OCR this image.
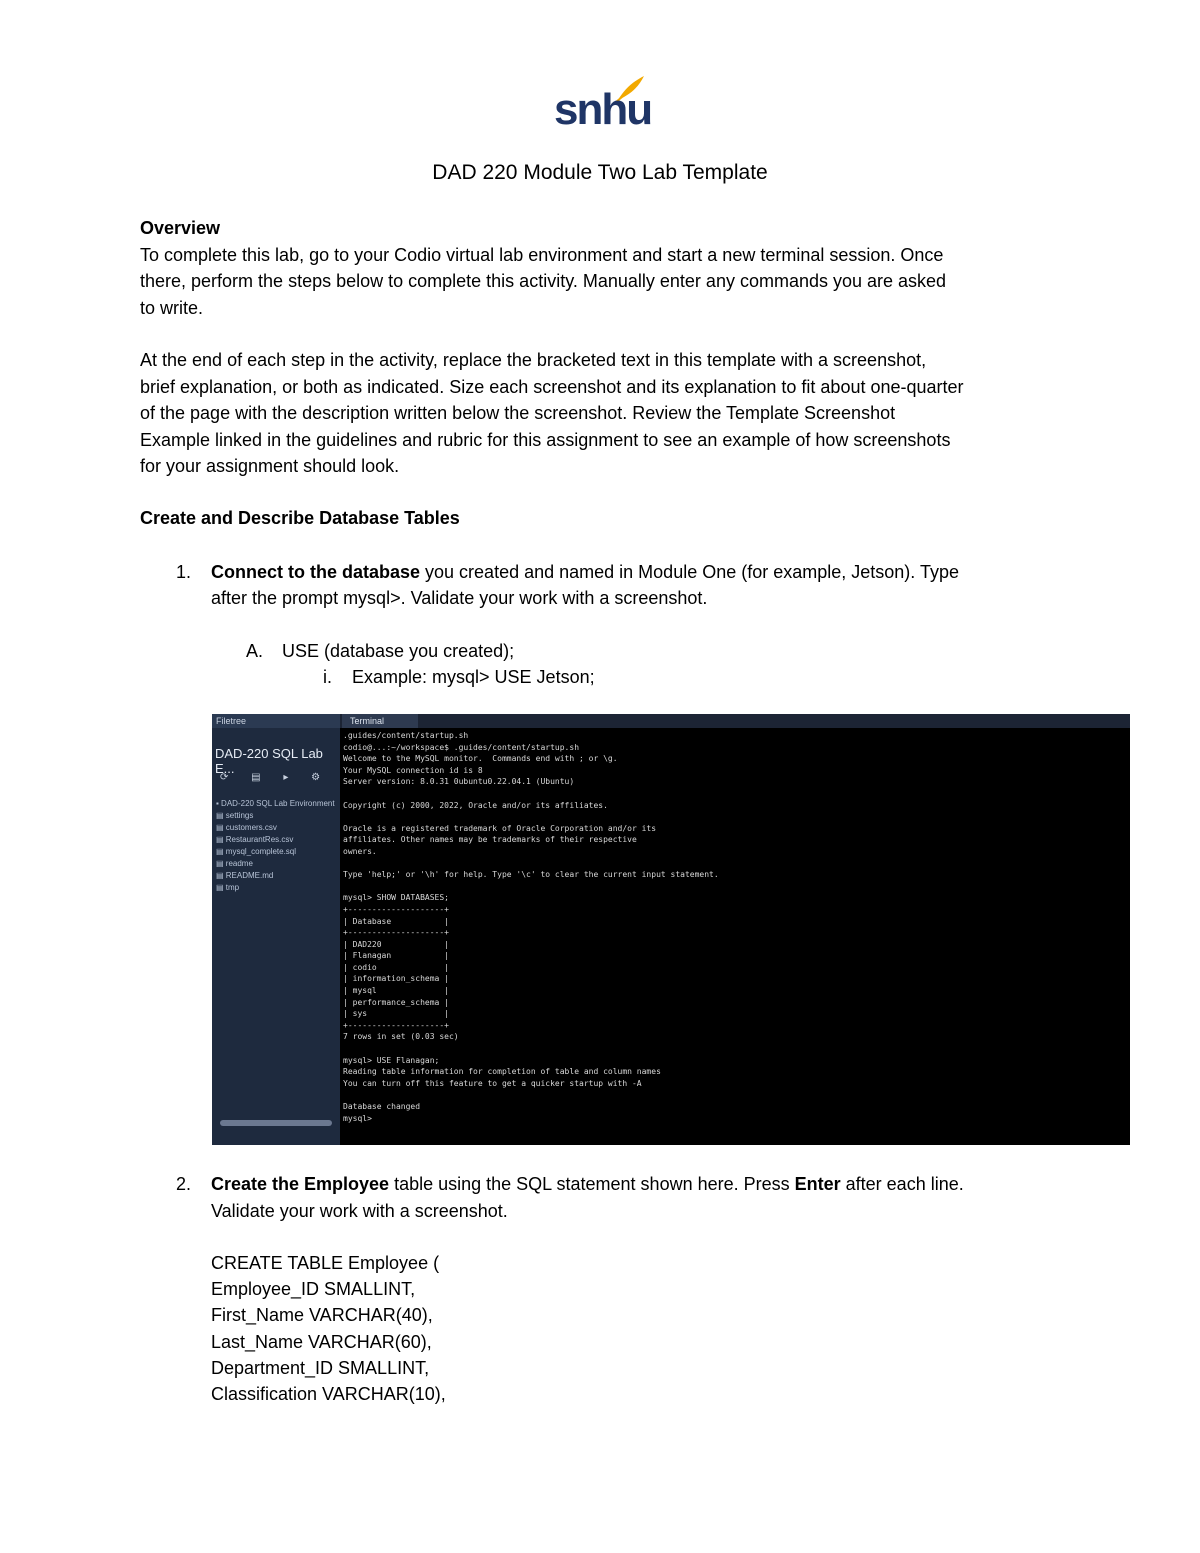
snhu
DAD 220 Module Two Lab Template
Overview
To complete this lab, go to your Codio virtual lab environment and start a new terminal session. Once
there, perform the steps below to complete this activity. Manually enter any commands you are asked
to write.
At the end of each step in the activity, replace the bracketed text in this template with a screenshot,
brief explanation, or both as indicated. Size each screenshot and its explanation to fit about one-quarter
of the page with the description written below the screenshot. Review the Template Screenshot
Example linked in the guidelines and rubric for this assignment to see an example of how screenshots
for your assignment should look.
Create and Describe Database Tables
1. Connect to the database you created and named in Module One (for example, Jetson). Type
after the prompt mysql>. Validate your work with a screenshot.
A. USE (database you created);
i. Example: mysql> USE Jetson;
Filetree
DAD-220 SQL Lab E...
⟳ ▤ ▸ ⚙
▪ DAD-220 SQL Lab Environment
▤ settings
▤ customers.csv
▤ RestaurantRes.csv
▤ mysql_complete.sql
▤ readme
▤ README.md
▤ tmp
Terminal
.guides/content/startup.sh
codio@...:~/workspace$ .guides/content/startup.sh
Welcome to the MySQL monitor.  Commands end with ; or \g.
Your MySQL connection id is 8
Server version: 8.0.31 0ubuntu0.22.04.1 (Ubuntu)

Copyright (c) 2000, 2022, Oracle and/or its affiliates.

Oracle is a registered trademark of Oracle Corporation and/or its
affiliates. Other names may be trademarks of their respective
owners.

Type 'help;' or '\h' for help. Type '\c' to clear the current input statement.

mysql> SHOW DATABASES;
+--------------------+
| Database           |
+--------------------+
| DAD220             |
| Flanagan           |
| codio              |
| information_schema |
| mysql              |
| performance_schema |
| sys                |
+--------------------+
7 rows in set (0.03 sec)

mysql> USE Flanagan;
Reading table information for completion of table and column names
You can turn off this feature to get a quicker startup with -A

Database changed
mysql>
2. Create the Employee table using the SQL statement shown here. Press Enter after each line.
Validate your work with a screenshot.
CREATE TABLE Employee (
Employee_ID SMALLINT,
First_Name VARCHAR(40),
Last_Name VARCHAR(60),
Department_ID SMALLINT,
Classification VARCHAR(10),
